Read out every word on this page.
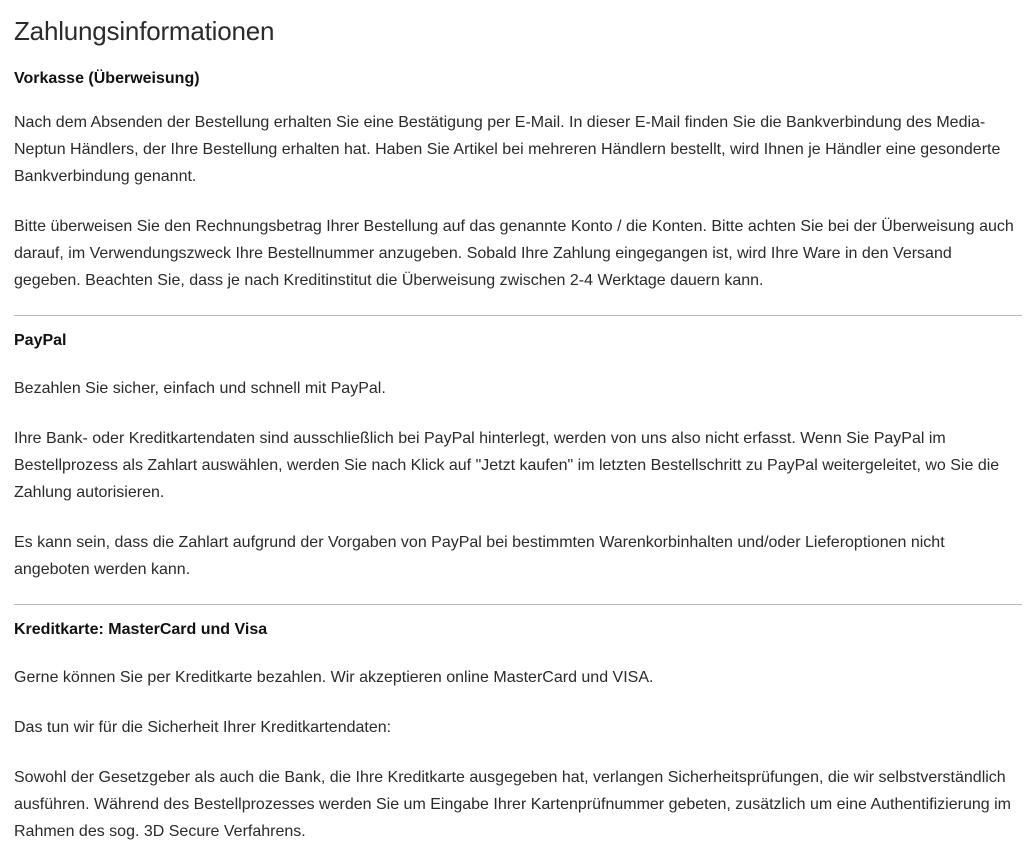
Zahlungsinformationen
Vorkasse (Überweisung)

Nach dem Absenden der Bestellung erhalten Sie eine Bestätigung per E-Mail. In dieser E-Mail finden Sie die Bankverbindung des Media-Neptun Händlers, der Ihre Bestellung erhalten hat. Haben Sie Artikel bei mehreren Händlern bestellt, wird Ihnen je Händler eine gesonderte Bankverbindung genannt.

Bitte überweisen Sie den Rechnungsbetrag Ihrer Bestellung auf das genannte Konto / die Konten. Bitte achten Sie bei der Überweisung auch darauf, im Verwendungszweck Ihre Bestellnummer anzugeben. Sobald Ihre Zahlung eingegangen ist, wird Ihre Ware in den Versand gegeben. Beachten Sie, dass je nach Kreditinstitut die Überweisung zwischen 2-4 Werktage dauern kann.

PayPal

Bezahlen Sie sicher, einfach und schnell mit PayPal.

Ihre Bank- oder Kreditkartendaten sind ausschließlich bei PayPal hinterlegt, werden von uns also nicht erfasst. Wenn Sie PayPal im Bestellprozess als Zahlart auswählen, werden Sie nach Klick auf "Jetzt kaufen" im letzten Bestellschritt zu PayPal weitergeleitet, wo Sie die Zahlung autorisieren.

Es kann sein, dass die Zahlart aufgrund der Vorgaben von PayPal bei bestimmten Warenkorbinhalten und/oder Lieferoptionen nicht angeboten werden kann.

Kreditkarte: MasterCard und Visa

Gerne können Sie per Kreditkarte bezahlen. Wir akzeptieren online MasterCard und VISA.

Das tun wir für die Sicherheit Ihrer Kreditkartendaten:

Sowohl der Gesetzgeber als auch die Bank, die Ihre Kreditkarte ausgegeben hat, verlangen Sicherheitsprüfungen, die wir selbstverständlich ausführen. Während des Bestellprozesses werden Sie um Eingabe Ihrer Kartenprüfnummer gebeten, zusätzlich um eine Authentifizierung im Rahmen des sog. 3D Secure Verfahrens.
